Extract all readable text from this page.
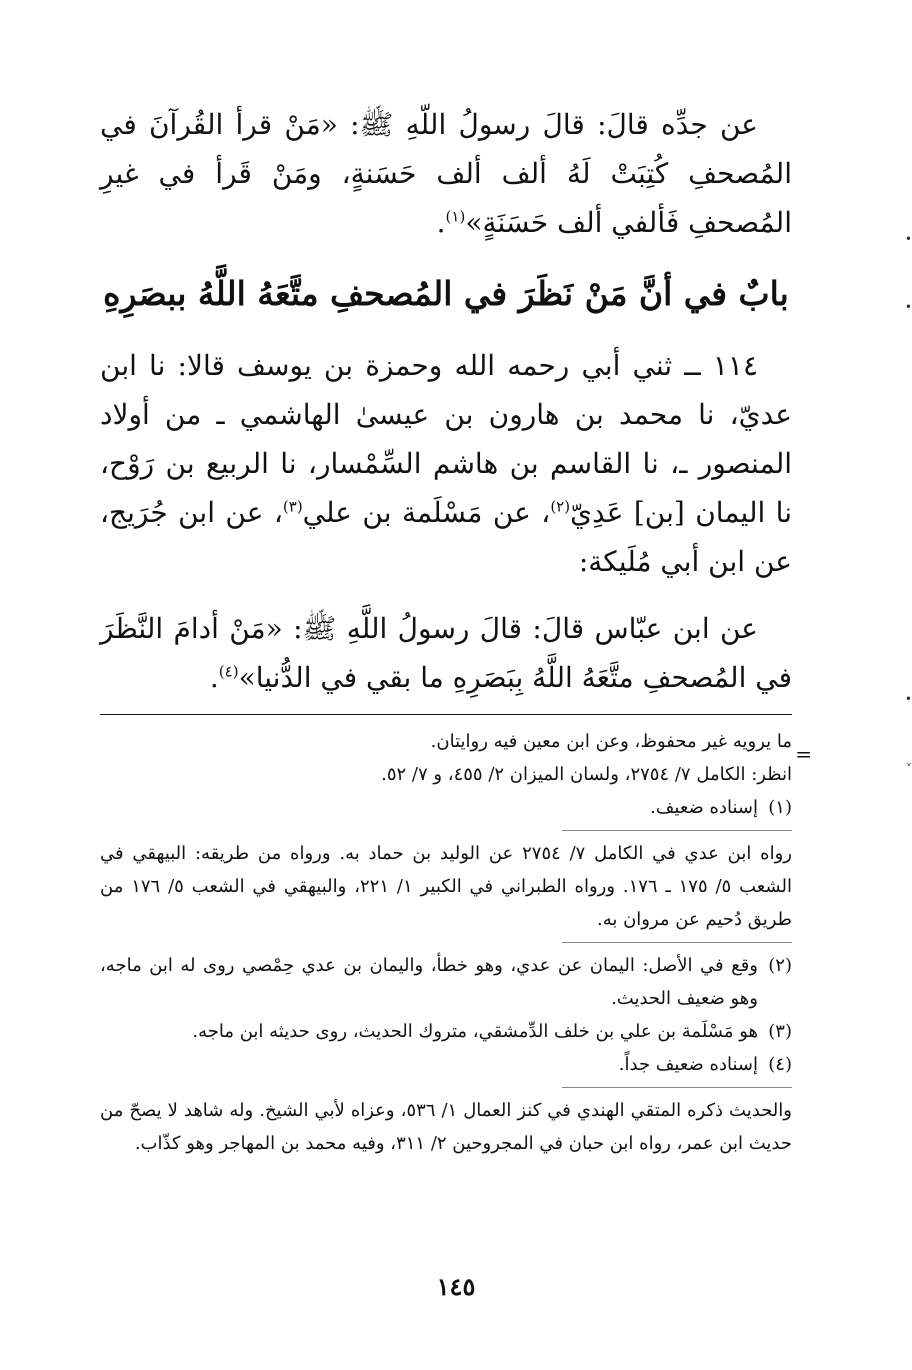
عن جدِّه قالَ: قالَ رسولُ اللّهِ ﷺ: «مَنْ قرأ القُرآنَ في المُصحفِ كُتِبَتْ لَهُ ألف ألف حَسَنةٍ، ومَنْ قَرأ في غيرِ المُصحفِ فَألفي ألف حَسَنَةٍ»$^{(١)}$.

بابٌ في أنَّ مَنْ نَظَرَ في المُصحفِ متَّعَهُ اللَّهُ ببصَرِهِ

١١٤ ــ ثني أبي رحمه الله وحمزة بن يوسف قالا: نا ابن عديّ، نا محمد بن هارون بن عيسىٰ الهاشمي ـ من أولاد المنصور ـ، نا القاسم بن هاشم السِّمْسار، نا الربيع بن رَوْح، نا اليمان [بن] عَدِيّ$^{(٢)}$، عن مَسْلَمة بن علي$^{(٣)}$، عن ابن جُرَيج، عن ابن أبي مُلَيكة:

عن ابن عبّاس قالَ: قالَ رسولُ اللَّهِ ﷺ: «مَنْ أدامَ النَّظَرَ في المُصحفِ متَّعَهُ اللَّهُ بِبَصَرِهِ ما بقي في الدُّنيا»$^{(٤)}$.

ما يرويه غير محفوظ، وعن ابن معين فيه روايتان.

انظر: الكامل ٧/ ٢٧٥٤، ولسان الميزان ٢/ ٤٥٥، و ٧/ ٥٢.

(١)
إسناده ضعيف.

رواه ابن عدي في الكامل ٧/ ٢٧٥٤ عن الوليد بن حماد به. ورواه من طريقه: البيهقي في الشعب ٥/ ١٧٥ ـ ١٧٦. ورواه الطبراني في الكبير ١/ ٢٢١، والبيهقي في الشعب ٥/ ١٧٦ من طريق دُحيم عن مروان به.

(٢)
وقع في الأصل: اليمان عن عدي، وهو خطأ، واليمان بن عدي حِمْصي روى له ابن ماجه، وهو ضعيف الحديث.
(٣)
هو مَسْلَمة بن علي بن خلف الدِّمشقي، متروك الحديث، روى حديثه ابن ماجه.
(٤)
إسناده ضعيف جداً.

والحديث ذكره المتقي الهندي في كنز العمال ١/ ٥٣٦، وعزاه لأبي الشيخ. وله شاهد لا يصحّ من حديث ابن عمر، رواه ابن حبان في المجروحين ٢/ ٣١١، وفيه محمد بن المهاجر وهو كذّاب.

=
١٤٥
•
•
•
˅
